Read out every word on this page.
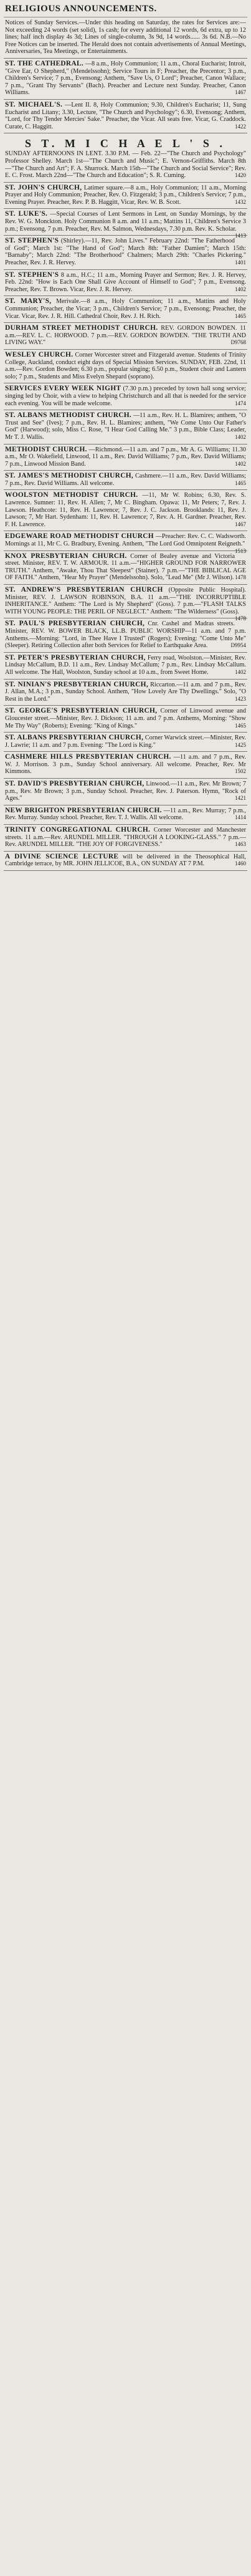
RELIGIOUS ANNOUNCEMENTS.

Notices of Sunday Services.—Under this heading on Saturday, the rates for Services are:—Not exceeding 24 words (set solid), 1s cash; for every additional 12 words, 6d extra, up to 12 lines; half inch display 4s 3d; Lines of single-column, 3s 9d, 14 words...... 3s 6d. N.B.—No Free Notices can be inserted. The Herald does not contain advertisements of Annual Meetings, Anniversaries, Tea Meetings, or Entertainments.

ST. THE CATHEDRAL. —8 a.m., Holy Communion; 11 a.m., Choral Eucharist; Introit, "Give Ear, O Shepherd," (Mendelssohn); Service Tours in F; Preacher, the Precentor; 3 p.m., Children's Service; 7 p.m., Evensong; Anthem, "Save Us, O Lord"; Preacher, Canon Wallace; 7 p.m., "Grant Thy Servants" (Bach). Preacher and Lecture next Sunday. Preacher, Canon Williams.	1467

ST. MICHAEL'S. —Lent II. 8, Holy Communion; 9.30, Children's Eucharist; 11, Sung Eucharist and Litany; 3.30, Lecture, "The Church and Psychology"; 6.30, Evensong; Anthem, "Lord, for Thy Tender Mercies' Sake." Preacher, the Vicar. All seats free. Vicar, G. Craddock. Curate, C. Haggitt.	1422

S T. M I C H A E L ' S .

SUNDAY AFTERNOONS IN LENT. 3.30 P.M. — Feb. 22—"The Church and Psychology" Professor Shelley. March 1st—"The Church and Music"; E. Vernon-Griffiths. March 8th—"The Church and Art"; F. A. Shurrock. March 15th—"The Church and Social Service"; Rev. E. C. Frost. March 22nd—"The Church and Education"; S. R. Cuming.	1420

ST. JOHN'S CHURCH, Latimer square.—8 a.m., Holy Communion; 11 a.m., Morning Prayer and Holy Communion; Preacher, Rev. O. Fitzgerald; 3 p.m., Children's Service; 7 p.m., Evening Prayer. Preacher, Rev. P. B. Haggitt, Vicar, Rev. W. B. Scott.	1432

ST. LUKE'S. —Special Courses of Lent Sermons in Lent, on Sunday Mornings, by the Rev. W. G. Monckton. Holy Communion 8 a.m. and 11 a.m.; Mattins 11, Children's Service 3 p.m.; Evensong, 7 p.m. Preacher, Rev. M. Salmon, Wednesdays, 7.30 p.m. Rev. K. Scholar.
1413

ST. STEPHEN'S (Shirley).—11, Rev. John Lives." February 22nd: "The Fatherhood of God"; March 1st: "The Hand of God"; March 8th: "Father Damien"; March 15th: "Barnaby"; March 22nd: "The Brotherhood" Chalmers; March 29th: "Charles Pickering." Preacher, Rev. J. R. Hervey.	1401

ST. STEPHEN'S 8 a.m., H.C.; 11 a.m., Morning Prayer and Sermon; Rev. J. R. Hervey, Feb. 22nd: "How is Each One Shall Give Account of Himself to God"; 7 p.m., Evensong. Preacher, Rev. T. Brown. Vicar, Rev. J. R. Hervey.	1402

ST. MARY'S, Merivale.—8 a.m., Holy Communion; 11 a.m., Mattins and Holy Communion; Preacher, the Vicar; 3 p.m., Children's Service; 7 p.m., Evensong; Preacher, the Vicar. Vicar, Rev. J. R. Hill. Cathedral Choir, Rev. J. H. Rich.	1465

DURHAM STREET METHODIST CHURCH. REV. GORDON BOWDEN. 11 a.m.—REV. L. C. HORWOOD. 7 p.m.—REV. GORDON BOWDEN. "THE TRUTH AND LIVING WAY."	D9768

WESLEY CHURCH. Corner Worcester street and Fitzgerald avenue. Students of Trinity College, Auckland, conduct eight days of Special Mission Services. SUNDAY, FEB. 22nd, 11 a.m.—Rev. Gordon Bowden; 6.30 p.m., popular singing; 6.50 p.m., Student choir and Lantern solo; 7 p.m., Students and Miss Evelyn Shepard (soprano).

SERVICES EVERY WEEK NIGHT (7.30 p.m.) preceded by town hall song service; singing led by Choir, with a view to helping Christchurch and all that is needed for the service each evening. You will be made welcome.	1474

ST. ALBANS METHODIST CHURCH. —11 a.m., Rev. H. L. Blamires; anthem, "O Trust and See" (Ives); 7 p.m., Rev. H. L. Blamires; anthem, "We Come Unto Our Father's God" (Harwood); solo, Miss C. Rose, "I Hear God Calling Me." 3 p.m., Bible Class; Leader, Mr T. J. Wallis.	1402

METHODIST CHURCH. —Richmond.—11 a.m. and 7 p.m., Mr A. G. Williams; 11.30 a.m., Mr O. Wakefield, Linwood, 11 a.m., Rev. David Williams; 7 p.m., Rev. David Williams; 7 p.m., Linwood Mission Band.	1402

ST. JAMES'S METHODIST CHURCH, Cashmere.—11 a.m., Rev. David Williams; 7 p.m., Rev. David Williams. All welcome.	1465

WOOLSTON METHODIST CHURCH. —11, Mr W. Robins; 6.30, Rev. S. Lawrence. Sumner: 11, Rev. H. Allen; 7, Mr C. Bingham. Opawa: 11, Mr Peters; 7, Rev. J. Lawson. Heathcote: 11, Rev. H. Lawrence; 7, Rev. J. C. Jackson. Brooklands: 11, Rev. J. Lawson; 7, Mr Hart. Sydenham: 11, Rev. H. Lawrence; 7, Rev. A. H. Gardner. Preacher, Rev. F. H. Lawrence.	1467

EDGEWARE ROAD METHODIST CHURCH —Preacher: Rev. C. C. Wadsworth. Mornings at 11, Mr C. G. Bradbury, Evening. Anthem, "The Lord God Omnipotent Reigneth."
1513

KNOX PRESBYTERIAN CHURCH. Corner of Bealey avenue and Victoria street. Minister, REV. T. W. ARMOUR. 11 a.m.—"HIGHER GROUND FOR NARROWER TRUTH." Anthem, "Awake, Thou That Sleepest" (Stainer). 7 p.m.—"THE BIBLICAL AGE OF FAITH." Anthem, "Hear My Prayer" (Mendelssohn). Solo, "Lead Me" (Mr J. Wilson). 1478

ST. ANDREW'S PRESBYTERIAN CHURCH (Opposite Public Hospital). Minister, REV. J. LAWSON ROBINSON, B.A. 11 a.m.—"THE INCORRUPTIBLE INHERITANCE." Anthem: "The Lord is My Shepherd" (Goss). 7 p.m.—"FLASH TALKS WITH YOUNG PEOPLE: THE PERIL OF NEGLECT." Anthem: "The Wilderness" (Goss).
1478

ST. PAUL'S PRESBYTERIAN CHURCH, Cnr. Cashel and Madras streets. Minister, REV. W. BOWER BLACK, LL.B. PUBLIC WORSHIP—11 a.m. and 7 p.m. Anthems.—Morning: "Lord, in Thee Have I Trusted" (Rogers); Evening: "Come Unto Me" (Sleeper). Retiring Collection after both Services for Relief to Earthquake Area.	D9954

ST. PETER'S PRESBYTERIAN CHURCH, Ferry road, Woolston.—Minister, Rev. Lindsay McCallum, B.D. 11 a.m., Rev. Lindsay McCallum; 7 p.m., Rev. Lindsay McCallum. All welcome. The Hall, Woolston, Sunday school at 10 a.m., from Sweet Home.	1402

ST. NINIAN'S PRESBYTERIAN CHURCH, Riccarton.—11 a.m. and 7 p.m., Rev. J. Allan, M.A.; 3 p.m., Sunday School. Anthem, "How Lovely Are Thy Dwellings." Solo, "O Rest in the Lord."	1423

ST. GEORGE'S PRESBYTERIAN CHURCH, Corner of Linwood avenue and Gloucester street.—Minister, Rev. J. Dickson; 11 a.m. and 7 p.m. Anthems, Morning: "Show Me Thy Way" (Roberts); Evening: "King of Kings."	1465

ST. ALBANS PRESBYTERIAN CHURCH, Corner Warwick street.—Minister, Rev. J. Lawrie; 11 a.m. and 7 p.m. Evening: "The Lord is King."	1425

CASHMERE HILLS PRESBYTERIAN CHURCH. —11 a.m. and 7 p.m., Rev. W. J. Morrison. 3 p.m., Sunday School anniversary. All welcome. Preacher, Rev. Mr Kimmons.	1502

ST. DAVID'S PRESBYTERIAN CHURCH, Linwood.—11 a.m., Rev. Mr Brown; 7 p.m., Rev. Mr Brown; 3 p.m., Sunday School. Preacher, Rev. J. Paterson. Hymn, "Rock of Ages."	1421

NEW BRIGHTON PRESBYTERIAN CHURCH. —11 a.m., Rev. Murray; 7 p.m., Rev. Murray. Sunday school. Preacher, Rev. T. J. Wallis. All welcome.	1414

TRINITY CONGREGATIONAL CHURCH. Corner Worcester and Manchester streets. 11 a.m.—Rev. ARUNDEL MILLER. "THROUGH A LOOKING-GLASS." 7 p.m.—Rev. ARUNDEL MILLER. "THE JOY OF FORGIVENESS."	1463

A DIVINE SCIENCE LECTURE will be delivered in the Theosophical Hall, Cambridge terrace, by MR. JOHN JELLICOE, B.A., ON SUNDAY AT 7 P.M.	1460
